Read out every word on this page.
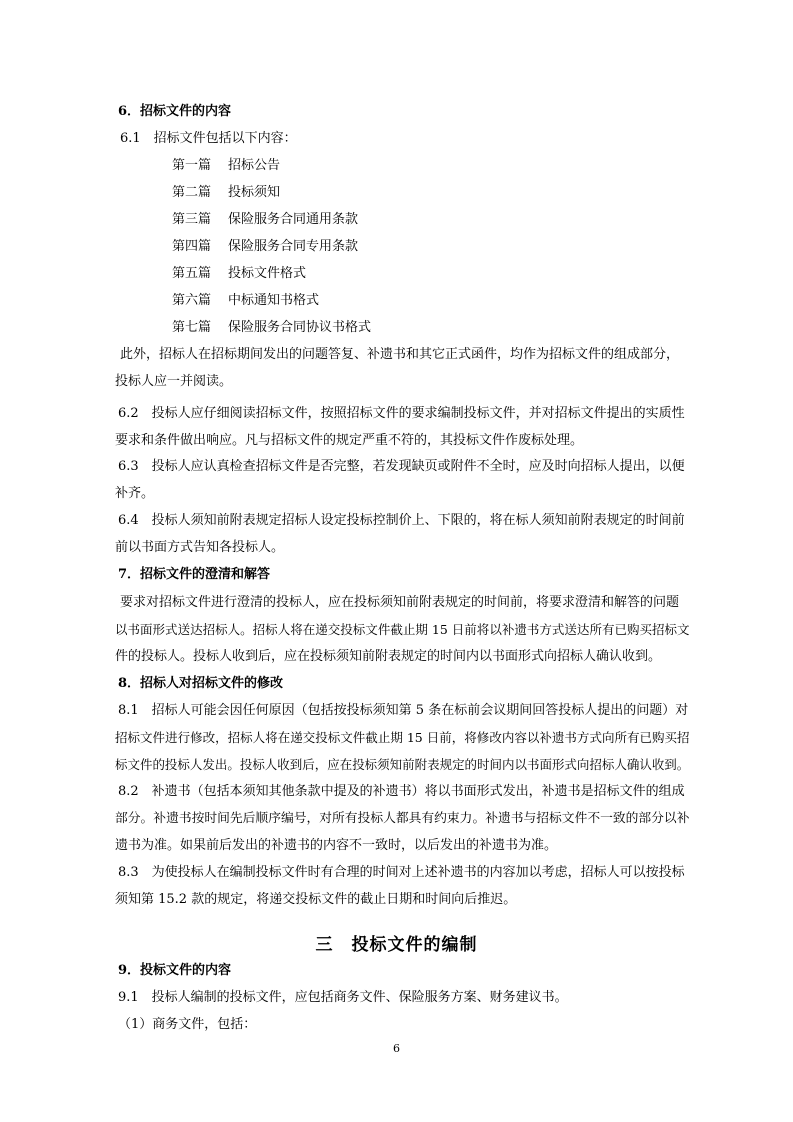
6．招标文件的内容
6.1　招标文件包括以下内容：
第一篇 招标公告
第二篇 投标须知
第三篇 保险服务合同通用条款
第四篇 保险服务合同专用条款
第五篇 投标文件格式
第六篇 中标通知书格式
第七篇 保险服务合同协议书格式
此外，招标人在招标期间发出的问题答复、补遗书和其它正式函件，均作为招标文件的组成部分，
投标人应一并阅读。
6.2　投标人应仔细阅读招标文件，按照招标文件的要求编制投标文件，并对招标文件提出的实质性
要求和条件做出响应。凡与招标文件的规定严重不符的，其投标文件作废标处理。
6.3　投标人应认真检查招标文件是否完整，若发现缺页或附件不全时，应及时向招标人提出，以便
补齐。
6.4　投标人须知前附表规定招标人设定投标控制价上、下限的，将在标人须知前附表规定的时间前
前以书面方式告知各投标人。
7．招标文件的澄清和解答
要求对招标文件进行澄清的投标人，应在投标须知前附表规定的时间前，将要求澄清和解答的问题
以书面形式送达招标人。招标人将在递交投标文件截止期 15 日前将以补遗书方式送达所有已购买招标文
件的投标人。投标人收到后，应在投标须知前附表规定的时间内以书面形式向招标人确认收到。
8．招标人对招标文件的修改
8.1　招标人可能会因任何原因（包括按投标须知第 5 条在标前会议期间回答投标人提出的问题）对
招标文件进行修改，招标人将在递交投标文件截止期 15 日前，将修改内容以补遗书方式向所有已购买招
标文件的投标人发出。投标人收到后，应在投标须知前附表规定的时间内以书面形式向招标人确认收到。
8.2　补遗书（包括本须知其他条款中提及的补遗书）将以书面形式发出，补遗书是招标文件的组成
部分。补遗书按时间先后顺序编号，对所有投标人都具有约束力。补遗书与招标文件不一致的部分以补
遗书为准。如果前后发出的补遗书的内容不一致时，以后发出的补遗书为准。
8.3　为使投标人在编制投标文件时有合理的时间对上述补遗书的内容加以考虑，招标人可以按投标
须知第 15.2 款的规定，将递交投标文件的截止日期和时间向后推迟。
三　投标文件的编制
9．投标文件的内容
9.1　投标人编制的投标文件，应包括商务文件、保险服务方案、财务建议书。
（1）商务文件，包括：
6
